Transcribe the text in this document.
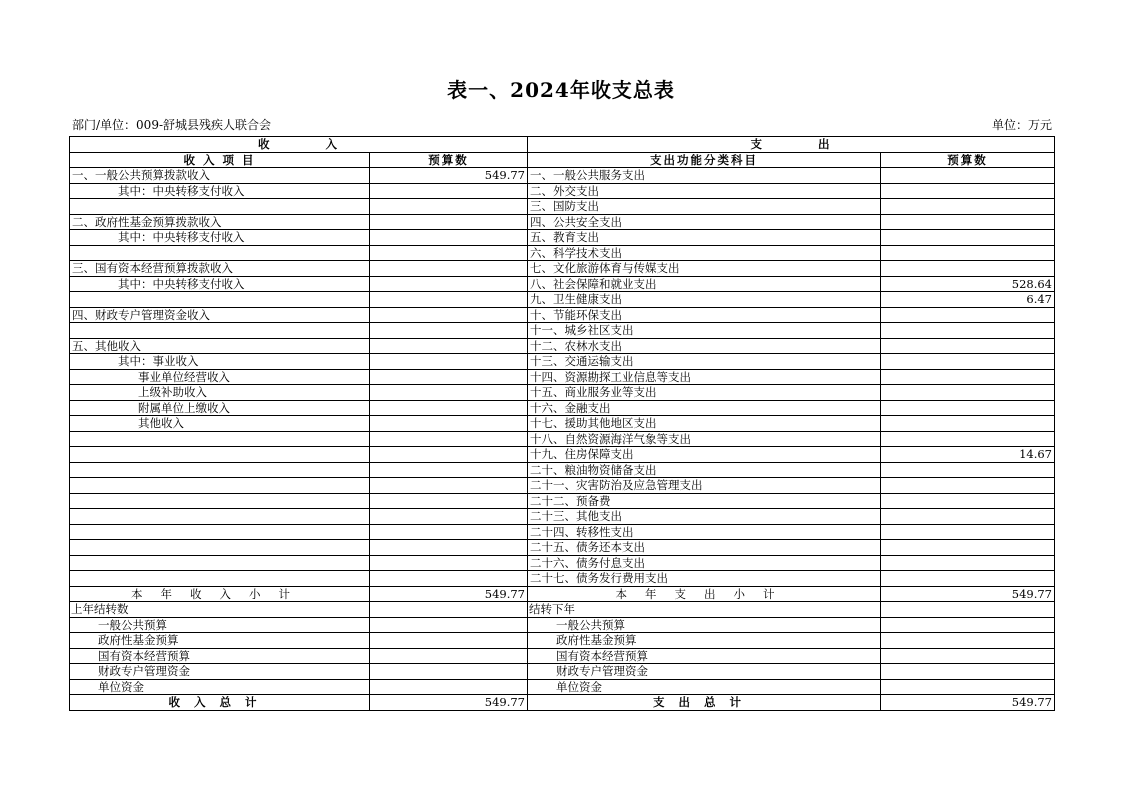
表一、2024年收支总表
部门/单位：009-舒城县残疾人联合会	单位：万元
收　　　　入		支　　　　出	
收 入 项 目	预算数	支出功能分类科目	预算数
一、一般公共预算拨款收入	549.77	一、一般公共服务支出	
其中：中央转移支付收入		二、外交支出	
		三、国防支出	
二、政府性基金预算拨款收入		四、公共安全支出	
其中：中央转移支付收入		五、教育支出	
		六、科学技术支出	
三、国有资本经营预算拨款收入		七、文化旅游体育与传媒支出	
其中：中央转移支付收入		八、社会保障和就业支出	528.64
		九、卫生健康支出	6.47
四、财政专户管理资金收入		十、节能环保支出	
		十一、城乡社区支出	
五、其他收入		十二、农林水支出	
其中：事业收入		十三、交通运输支出	
事业单位经营收入		十四、资源勘探工业信息等支出	
上级补助收入		十五、商业服务业等支出	
附属单位上缴收入		十六、金融支出	
其他收入		十七、援助其他地区支出	
		十八、自然资源海洋气象等支出	
		十九、住房保障支出	14.67
		二十、粮油物资储备支出	
		二十一、灾害防治及应急管理支出	
		二十二、预备费	
		二十三、其他支出	
		二十四、转移性支出	
		二十五、债务还本支出	
		二十六、债务付息支出	
		二十七、债务发行费用支出	
本年收入小计	549.77	本年支出小计	549.77
上年结转数		结转下年	
一般公共预算		一般公共预算	
政府性基金预算		政府性基金预算	
国有资本经营预算		国有资本经营预算	
财政专户管理资金		财政专户管理资金	
单位资金		单位资金	
收入总计	549.77	支出总计	549.77
